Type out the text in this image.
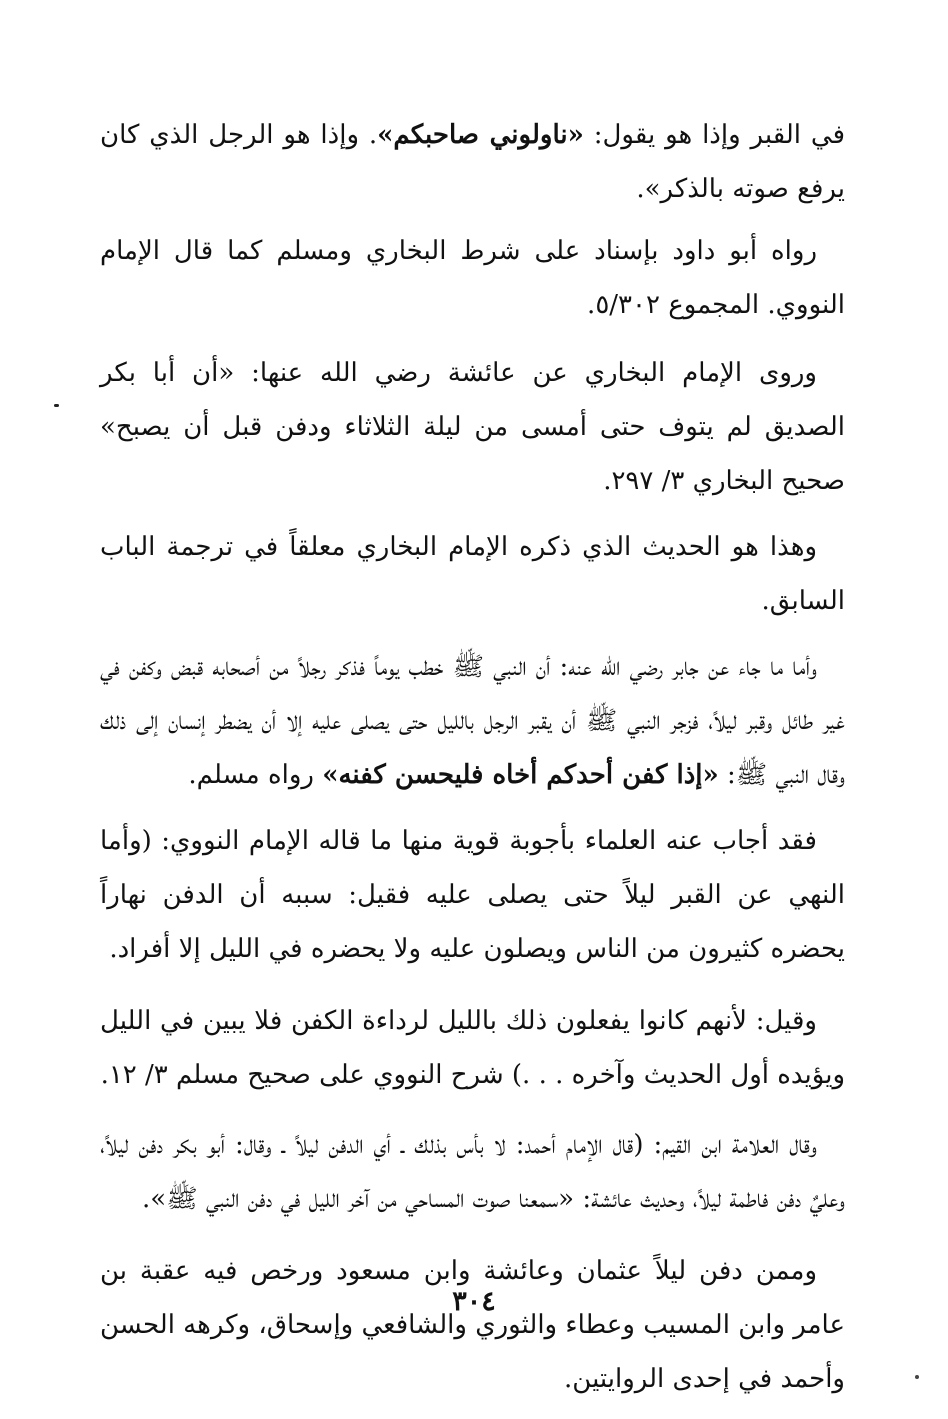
في القبر وإذا هو يقول: «ناولوني صاحبكم». وإذا هو الرجل الذي كان يرفع صوته بالذكر».

رواه أبو داود بإسناد على شرط البخاري ومسلم كما قال الإمام النووي. المجموع ٥/٣٠٢.

وروى الإمام البخاري عن عائشة رضي الله عنها: «أن أبا بكر الصديق لم يتوف حتى أمسى من ليلة الثلاثاء ودفن قبل أن يصبح» صحيح البخاري ٣/ ٢٩٧.

وهذا هو الحديث الذي ذكره الإمام البخاري معلقاً في ترجمة الباب السابق.

وأما ما جاء عن جابر رضي الله عنه: أن النبي ﷺ خطب يوماً فذكر رجلاً من أصحابه قبض وكفن في غير طائل وقبر ليلاً، فزجر النبي ﷺ أن يقبر الرجل بالليل حتى يصلى عليه إلا أن يضطر إنسان إلى ذلك وقال النبي ﷺ: «إذا كفن أحدكم أخاه فليحسن كفنه» رواه مسلم.

فقد أجاب عنه العلماء بأجوبة قوية منها ما قاله الإمام النووي: (وأما النهي عن القبر ليلاً حتى يصلى عليه فقيل: سببه أن الدفن نهاراً يحضره كثيرون من الناس ويصلون عليه ولا يحضره في الليل إلا أفراد.

وقيل: لأنهم كانوا يفعلون ذلك بالليل لرداءة الكفن فلا يبين في الليل ويؤيده أول الحديث وآخره . . .) شرح النووي على صحيح مسلم ٣/ ١٢.

وقال العلامة ابن القيم: (قال الإمام أحمد: لا بأس بذلك ـ أي الدفن ليلاً ـ وقال: أبو بكر دفن ليلاً، وعليٌ دفن فاطمة ليلاً، وحديث عائشة: «سمعنا صوت المساحي من آخر الليل في دفن النبي ﷺ».

وممن دفن ليلاً عثمان وعائشة وابن مسعود ورخص فيه عقبة بن عامر وابن المسيب وعطاء والثوري والشافعي وإسحاق، وكرهه الحسن وأحمد في إحدى الروايتين.

٣٠٤
